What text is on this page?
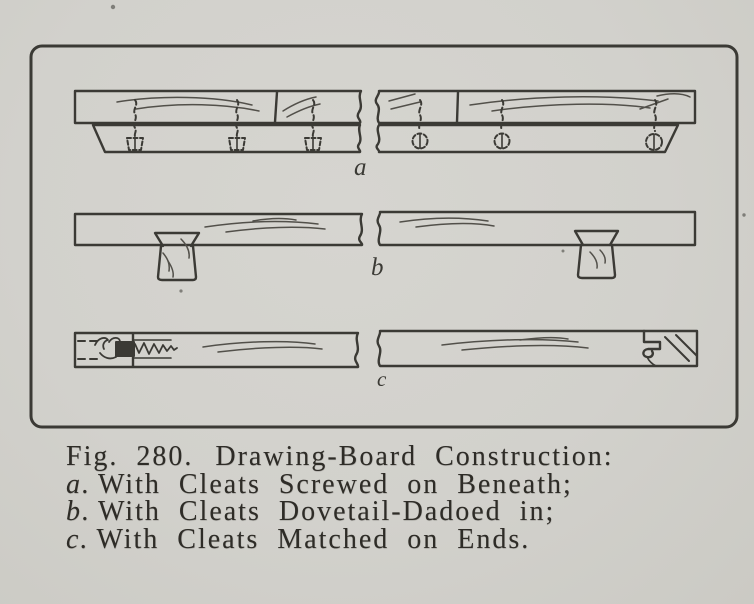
a
b
c
Fig. 280. Drawing-Board Construction:
a. With Cleats Screwed on Beneath;
b. With Cleats Dovetail-Dadoed in;
c. With Cleats Matched on Ends.
